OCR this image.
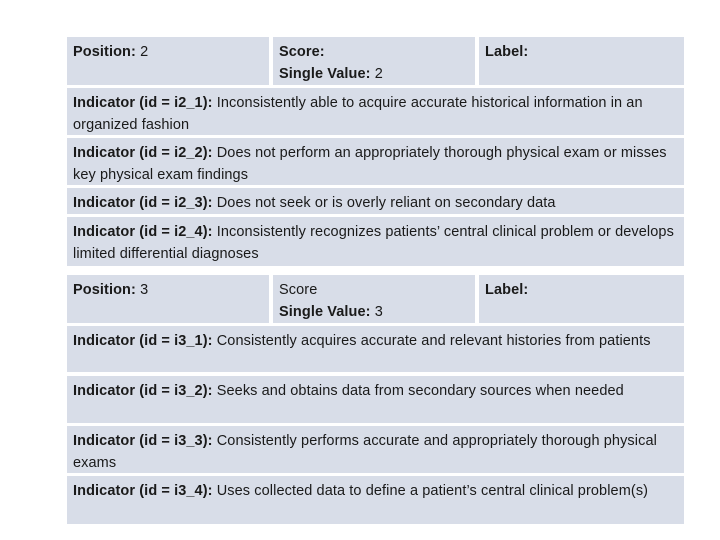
Position: 2	Score:
Single Value: 2
Label:
Indicator (id = i2_1): Inconsistently able to acquire accurate historical information in an organized fashion
Indicator (id = i2_2): Does not perform an appropriately thorough physical exam or misses key physical exam findings
Indicator (id = i2_3): Does not seek or is overly reliant on secondary data
Indicator (id = i2_4): Inconsistently recognizes patients’ central clinical problem or develops limited differential diagnoses
Position: 3	Score
Single Value: 3
Label:
Indicator (id = i3_1): Consistently acquires accurate and relevant histories from patients
Indicator (id = i3_2): Seeks and obtains data from secondary sources when needed
Indicator (id = i3_3): Consistently performs accurate and appropriately thorough physical exams
Indicator (id = i3_4): Uses collected data to define a patient’s central clinical problem(s)
